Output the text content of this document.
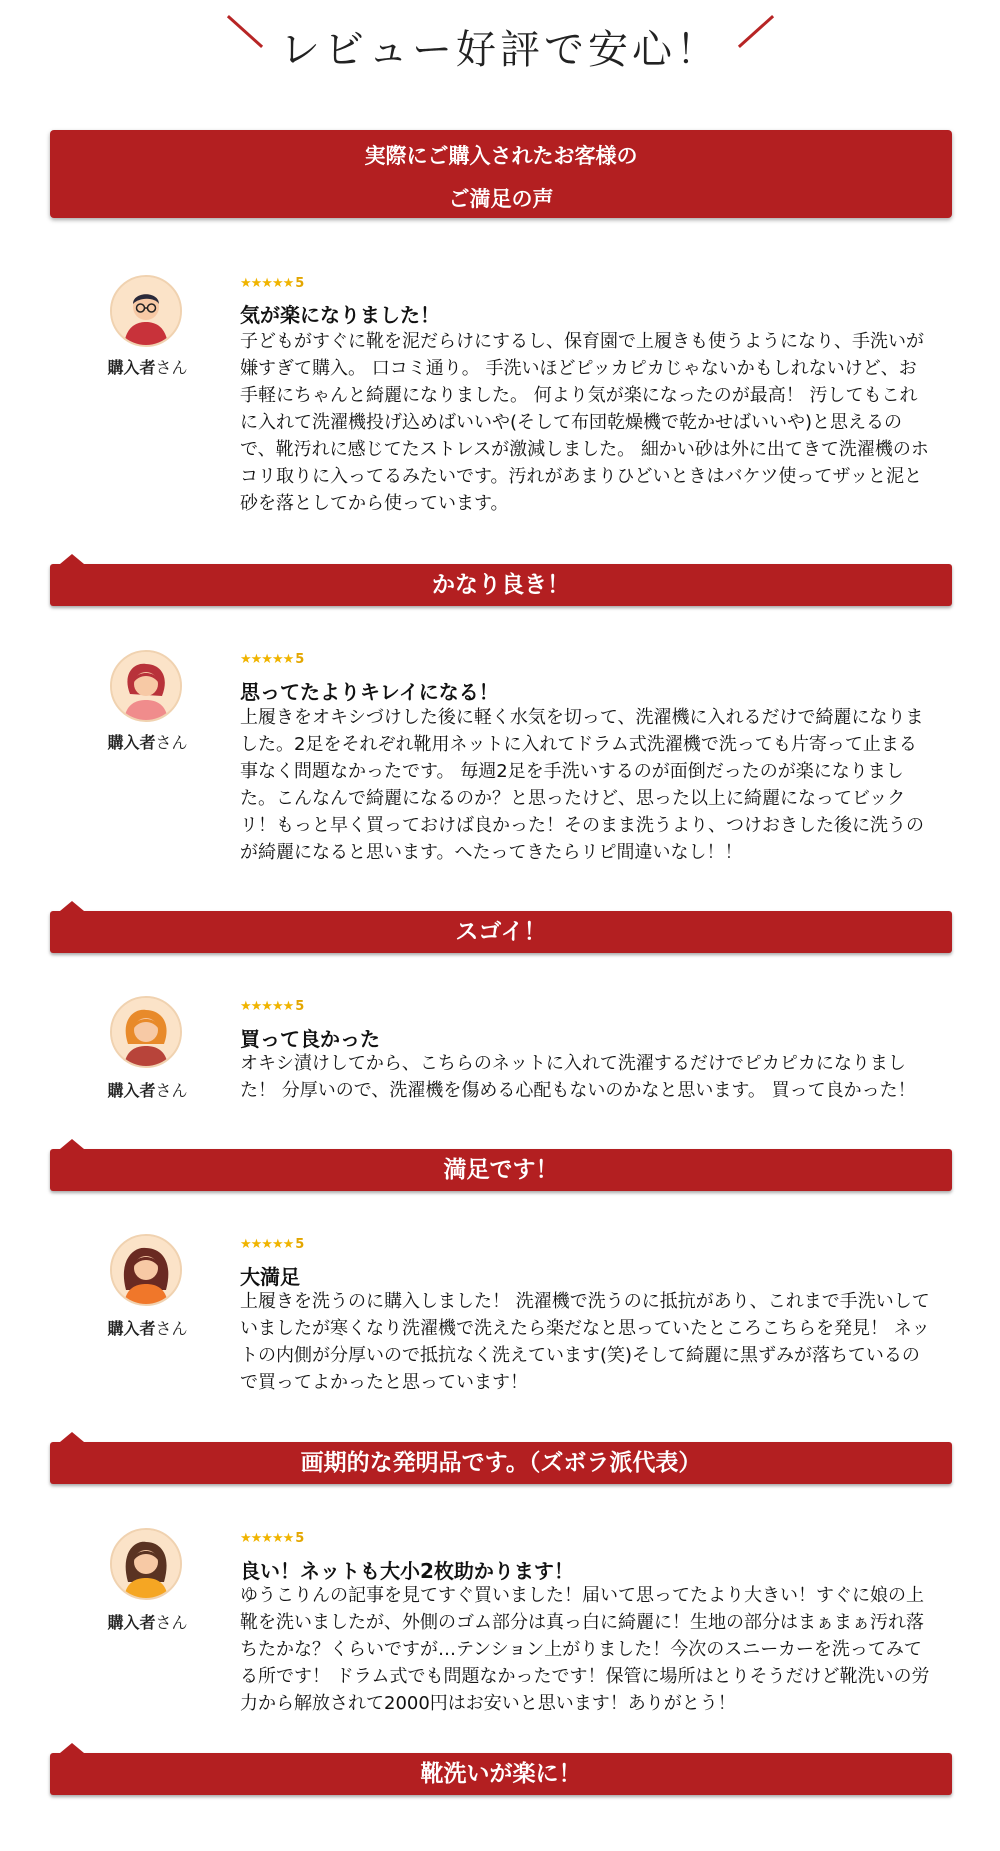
レビュー好評で安心！
実際にご購入されたお客様の
ご満足の声
購入者さん
★★★★★ 5
気が楽になりました！
子どもがすぐに靴を泥だらけにするし、保育園で上履きも使うようになり、手洗いが嫌すぎて購入。 口コミ通り。 手洗いほどピッカピカじゃないかもしれないけど、お手軽にちゃんと綺麗になりました。 何より気が楽になったのが最高！ 汚してもこれに入れて洗濯機投げ込めばいいや(そして布団乾燥機で乾かせばいいや)と思えるので、靴汚れに感じてたストレスが激減しました。 細かい砂は外に出てきて洗濯機のホコリ取りに入ってるみたいです。汚れがあまりひどいときはバケツ使ってザッと泥と砂を落としてから使っています。
かなり良き！
購入者さん
★★★★★ 5
思ってたよりキレイになる！
上履きをオキシづけした後に軽く水気を切って、洗濯機に入れるだけで綺麗になりました。2足をそれぞれ靴用ネットに入れてドラム式洗濯機で洗っても片寄って止まる事なく問題なかったです。 毎週2足を手洗いするのが面倒だったのが楽になりました。こんなんで綺麗になるのか？と思ったけど、思った以上に綺麗になってビックリ！もっと早く買っておけば良かった！そのまま洗うより、つけおきした後に洗うのが綺麗になると思います。へたってきたらリピ間違いなし！！
スゴイ！
購入者さん
★★★★★ 5
買って良かった
オキシ漬けしてから、こちらのネットに入れて洗濯するだけでピカピカになりました！ 分厚いので、洗濯機を傷める心配もないのかなと思います。 買って良かった！
満足です！
購入者さん
★★★★★ 5
大満足
上履きを洗うのに購入しました！ 洗濯機で洗うのに抵抗があり、これまで手洗いしていましたが寒くなり洗濯機で洗えたら楽だなと思っていたところこちらを発見！ ネットの内側が分厚いので抵抗なく洗えています(笑)そして綺麗に黒ずみが落ちているので買ってよかったと思っています！
画期的な発明品です。（ズボラ派代表）
購入者さん
★★★★★ 5
良い！ネットも大小2枚助かります！
ゆうこりんの記事を見てすぐ買いました！届いて思ってたより大きい！すぐに娘の上靴を洗いましたが、外側のゴム部分は真っ白に綺麗に！生地の部分はまぁまぁ汚れ落ちたかな？くらいですが…テンション上がりました！今次のスニーカーを洗ってみてる所です！ ドラム式でも問題なかったです！保管に場所はとりそうだけど靴洗いの労力から解放されて2000円はお安いと思います！ありがとう！
靴洗いが楽に！
